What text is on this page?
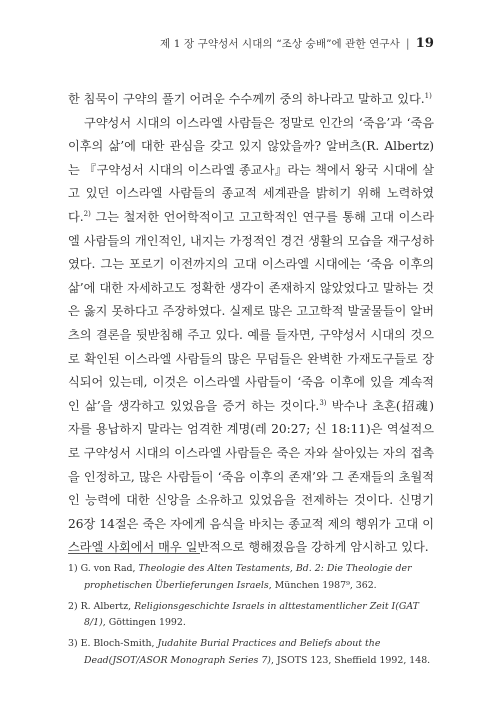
제 1 장 구약성서 시대의 “조상 숭배”에 관한 연구사 | 19

한 침묵이 구약의 풀기 어려운 수수께끼 중의 하나라고 말하고 있다.$^{1)}$

구약성서 시대의 이스라엘 사람들은 정말로 인간의 ‘죽음’과 ‘죽음 이후의 삶’에 대한 관심을 갖고 있지 않았을까? 알버츠(R. Albertz)는 『구약성서 시대의 이스라엘 종교사』라는 책에서 왕국 시대에 살고 있던 이스라엘 사람들의 종교적 세계관을 밝히기 위해 노력하였다.$^{2)}$ 그는 철저한 언어학적이고 고고학적인 연구를 통해 고대 이스라엘 사람들의 개인적인, 내지는 가정적인 경건 생활의 모습을 재구성하였다. 그는 포로기 이전까지의 고대 이스라엘 시대에는 ‘죽음 이후의 삶’에 대한 자세하고도 정확한 생각이 존재하지 않았었다고 말하는 것은 옳지 못하다고 주장하였다. 실제로 많은 고고학적 발굴물들이 알버츠의 결론을 뒷받침해 주고 있다. 예를 들자면, 구약성서 시대의 것으로 확인된 이스라엘 사람들의 많은 무덤들은 완벽한 가재도구들로 장식되어 있는데, 이것은 이스라엘 사람들이 ‘죽음 이후에 있을 계속적인 삶’을 생각하고 있었음을 증거 하는 것이다.$^{3)}$ 박수나 초혼(招魂) 자를 용납하지 말라는 엄격한 계명(레 20:27; 신 18:11)은 역설적으로 구약성서 시대의 이스라엘 사람들은 죽은 자와 살아있는 자의 접촉을 인정하고, 많은 사람들이 ‘죽음 이후의 존재’와 그 존재들의 초월적인 능력에 대한 신앙을 소유하고 있었음을 전제하는 것이다. 신명기 26장 14절은 죽은 자에게 음식을 바치는 종교적 제의 행위가 고대 이스라엘 사회에서 매우 일반적으로 행해졌음을 강하게 암시하고 있다.

1) G. von Rad, Theologie des Alten Testaments, Bd. 2: Die Theologie der prophetischen Überlieferungen Israels, München 1987⁹, 362.

2) R. Albertz, Religionsgeschichte Israels in alttestamentlicher Zeit I(GAT 8/1), Göttingen 1992.

3) E. Bloch-Smith, Judahite Burial Practices and Beliefs about the Dead(JSOT/ASOR Monograph Series 7), JSOTS 123, Sheffield 1992, 148.
